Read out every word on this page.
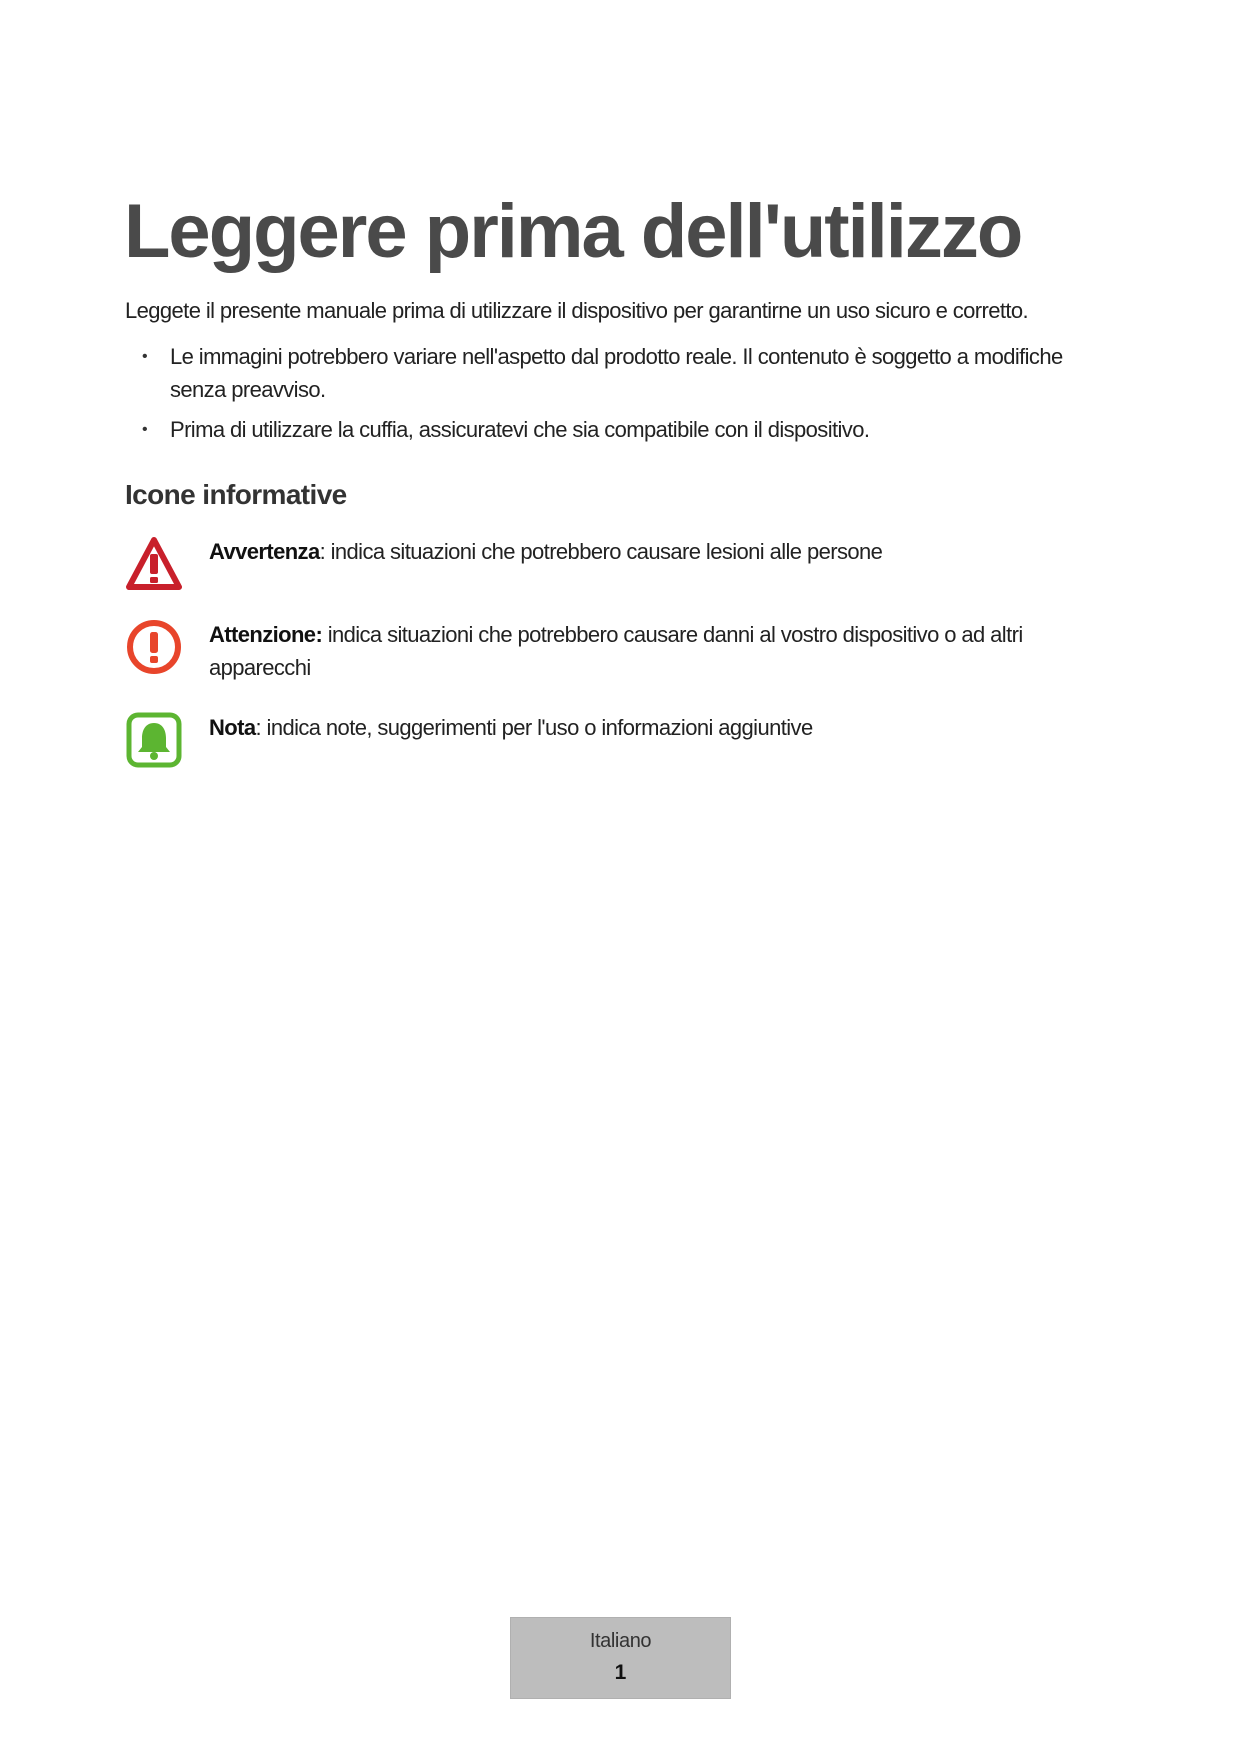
Leggere prima dell'utilizzo

Leggete il presente manuale prima di utilizzare il dispositivo per garantirne un uso sicuro e corretto.

• Le immagini potrebbero variare nell'aspetto dal prodotto reale. Il contenuto è soggetto a modifiche senza preavviso.
• Prima di utilizzare la cuffia, assicuratevi che sia compatibile con il dispositivo.
Icone informative
Avvertenza: indica situazioni che potrebbero causare lesioni alle persone
Attenzione: indica situazioni che potrebbero causare danni al vostro dispositivo o ad altri apparecchi
Nota: indica note, suggerimenti per l'uso o informazioni aggiuntive
Italiano
1
